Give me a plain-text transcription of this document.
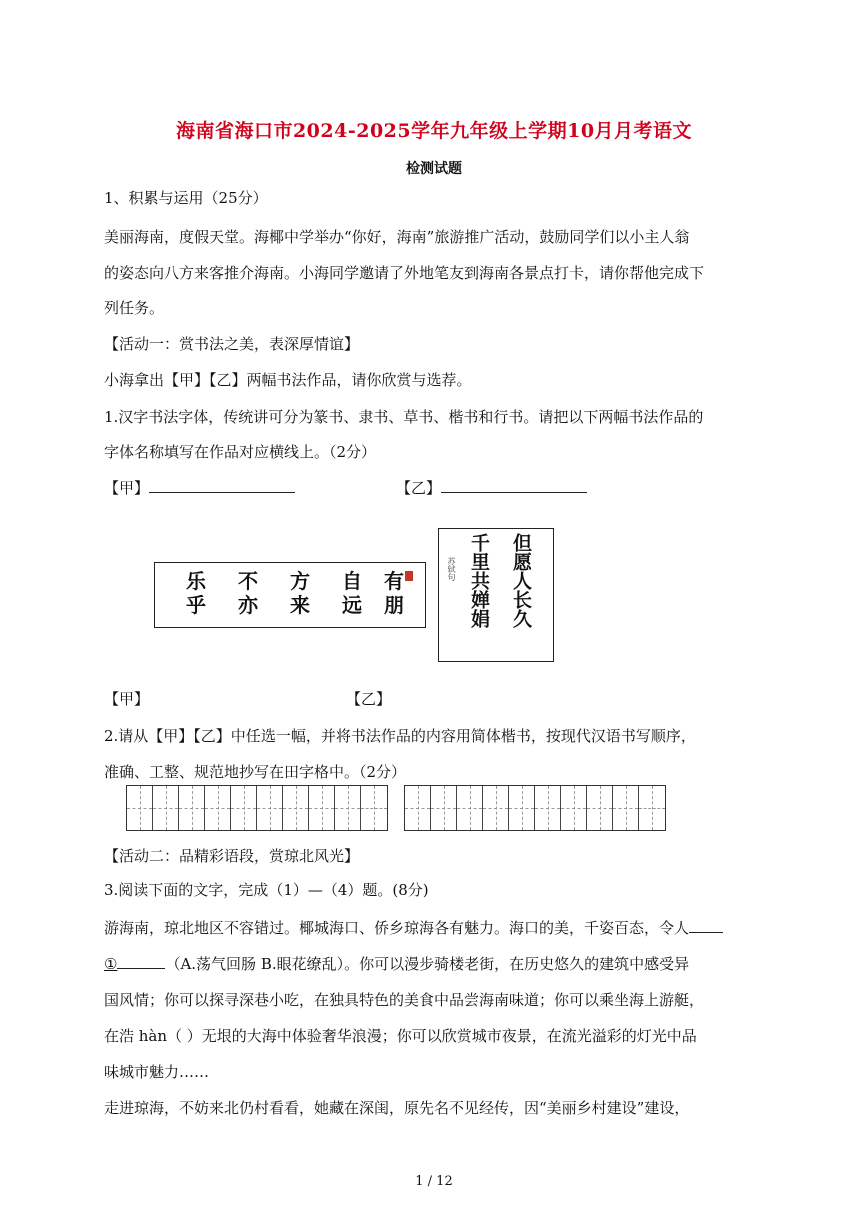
海南省海口市2024-2025学年九年级上学期10月月考语文
检测试题
1、积累与运用（25分）
美丽海南，度假天堂。海椰中学举办“你好，海南”旅游推广活动，鼓励同学们以小主人翁
的姿态向八方来客推介海南。小海同学邀请了外地笔友到海南各景点打卡，请你帮他完成下
列任务。
【活动一：赏书法之美，表深厚情谊】
小海拿出【甲】【乙】两幅书法作品，请你欣赏与选荐。
1.汉字书法字体，传统讲可分为篆书、隶书、草书、楷书和行书。请把以下两幅书法作品的
字体名称填写在作品对应横线上。（2分）
【甲】	【乙】
乐乎
不亦
方来
自远
有朋	但愿人长久
千里共婵娟
苏轼句
【甲】	【乙】
2.请从【甲】【乙】中任选一幅，并将书法作品的内容用简体楷书，按现代汉语书写顺序，
准确、工整、规范地抄写在田字格中。（2分）
【活动二：品精彩语段，赏琼北风光】
3.阅读下面的文字，完成（1）—（4）题。(8分)
游海南，琼北地区不容错过。椰城海口、侨乡琼海各有魅力。海口的美，千姿百态，令人
①	（A.荡气回肠 B.眼花缭乱）。你可以漫步骑楼老街，在历史悠久的建筑中感受异
国风情；你可以探寻深巷小吃，在独具特色的美食中品尝海南味道；你可以乘坐海上游艇，
在浩 hàn（ ）无垠的大海中体验奢华浪漫；你可以欣赏城市夜景，在流光溢彩的灯光中品
味城市魅力……
走进琼海，不妨来北仍村看看，她藏在深闺，原先名不见经传，因“美丽乡村建设”建设，
1 / 12
